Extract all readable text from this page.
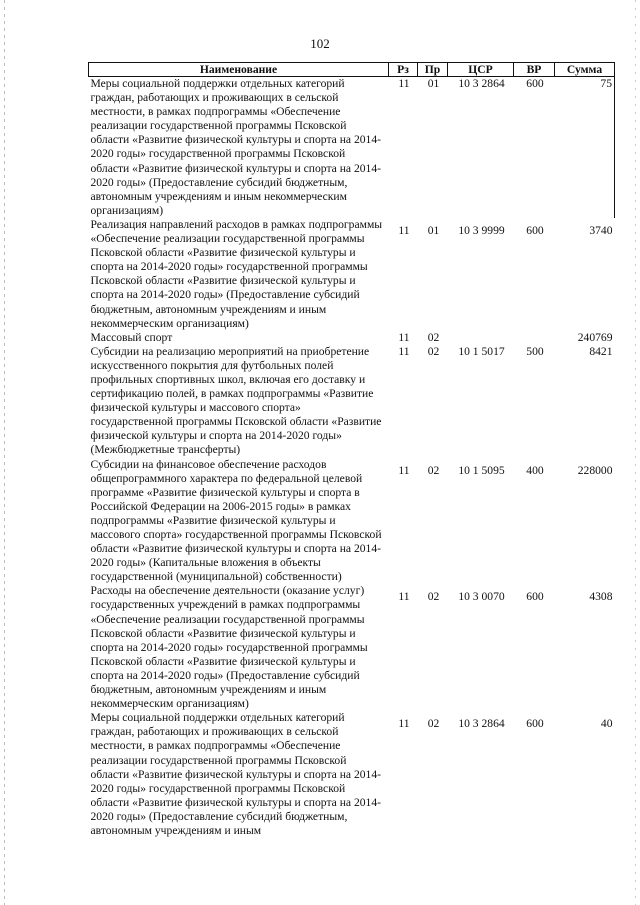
102
Наименование	Рз	Пр	ЦСР	ВР	Сумма
Меры социальной поддержки отдельных категорий граждан, работающих и проживающих в сельской местности, в рамках подпрограммы «Обеспечение реализации государственной программы Псковской области «Развитие физической культуры и спорта на 2014-2020 годы» государственной программы Псковской области «Развитие физической культуры и спорта на 2014-2020 годы» (Предоставление субсидий бюджетным, автономным учреждениям и иным некоммерческим организациям)	11	01	10 3 2864	600	75
Реализация направлений расходов в рамках подпрограммы «Обеспечение реализации государственной программы Псковской области «Развитие физической культуры и спорта на 2014-2020 годы» государственной программы Псковской области «Развитие физической культуры и спорта на 2014-2020 годы» (Предоставление субсидий бюджетным, автономным учреждениям и иным некоммерческим организациям)	11	01	10 3 9999	600	3740
Массовый спорт	11	02			240769
Субсидии на реализацию мероприятий на приобретение искусственного покрытия для футбольных полей профильных спортивных школ, включая его доставку и сертификацию полей, в рамках подпрограммы «Развитие физической культуры и массового спорта» государственной программы Псковской области «Развитие физической культуры и спорта на 2014-2020 годы» (Межбюджетные трансферты)	11	02	10 1 5017	500	8421
Субсидии на финансовое обеспечение расходов общепрограммного характера по федеральной целевой программе «Развитие физической культуры и спорта в Российской Федерации на 2006-2015 годы» в рамках подпрограммы «Развитие физической культуры и массового спорта» государственной программы Псковской области «Развитие физической культуры и спорта на 2014-2020 годы» (Капитальные вложения в объекты государственной (муниципальной) собственности)	11	02	10 1 5095	400	228000
Расходы на обеспечение деятельности (оказание услуг) государственных учреждений в рамках подпрограммы «Обеспечение реализации государственной программы Псковской области «Развитие физической культуры и спорта на 2014-2020 годы» государственной программы Псковской области «Развитие физической культуры и спорта на 2014-2020 годы» (Предоставление субсидий бюджетным, автономным учреждениям и иным некоммерческим организациям)	11	02	10 3 0070	600	4308
Меры социальной поддержки отдельных категорий граждан, работающих и проживающих в сельской местности, в рамках подпрограммы «Обеспечение реализации государственной программы Псковской области «Развитие физической культуры и спорта на 2014-2020 годы» государственной программы Псковской области «Развитие физической культуры и спорта на 2014-2020 годы» (Предоставление субсидий бюджетным, автономным учреждениям и иным	11	02	10 3 2864	600	40
